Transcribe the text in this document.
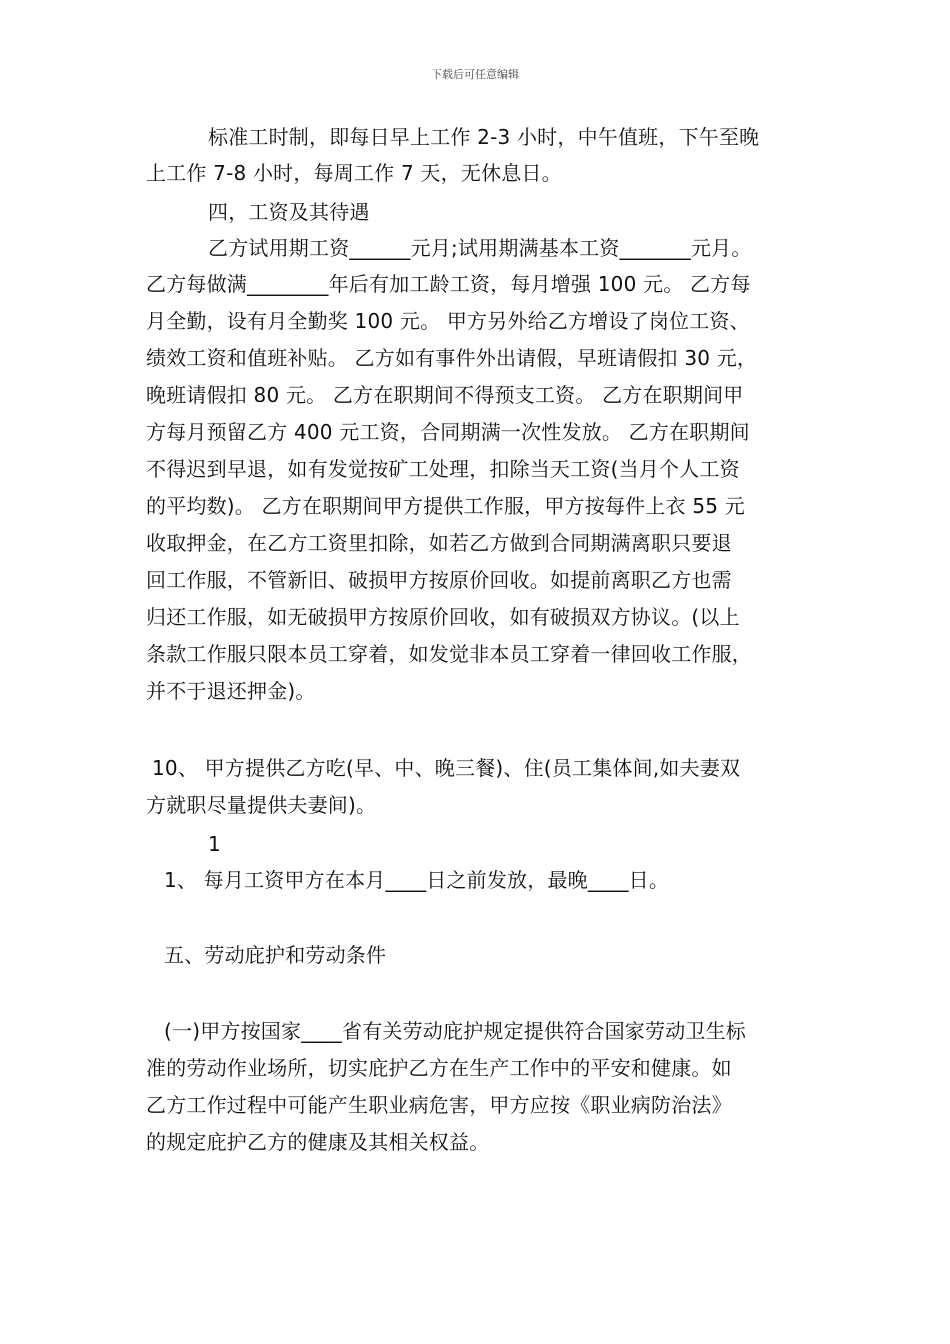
下载后可任意编辑
标准工时制，即每日早上工作 2-3 小时，中午值班，下午至晚
上工作 7-8 小时，每周工作 7 天，无休息日。
四，工资及其待遇
乙方试用期工资______元月;试用期满基本工资_______元月。
乙方每做满________年后有加工龄工资，每月增强 100 元。 乙方每
月全勤，设有月全勤奖 100 元。 甲方另外给乙方增设了岗位工资、
绩效工资和值班补贴。 乙方如有事件外出请假，早班请假扣 30 元，
晚班请假扣 80 元。 乙方在职期间不得预支工资。 乙方在职期间甲
方每月预留乙方 400 元工资，合同期满一次性发放。 乙方在职期间
不得迟到早退，如有发觉按矿工处理，扣除当天工资(当月个人工资
的平均数)。 乙方在职期间甲方提供工作服，甲方按每件上衣 55 元
收取押金，在乙方工资里扣除，如若乙方做到合同期满离职只要退
回工作服，不管新旧、破损甲方按原价回收。如提前离职乙方也需
归还工作服，如无破损甲方按原价回收，如有破损双方协议。(以上
条款工作服只限本员工穿着，如发觉非本员工穿着一律回收工作服，
并不于退还押金)。
10、 甲方提供乙方吃(早、中、晚三餐)、住(员工集体间,如夫妻双
方就职尽量提供夫妻间)。
1
1、 每月工资甲方在本月____日之前发放，最晚____日。
五、劳动庇护和劳动条件
(一)甲方按国家____省有关劳动庇护规定提供符合国家劳动卫生标
准的劳动作业场所，切实庇护乙方在生产工作中的平安和健康。如
乙方工作过程中可能产生职业病危害，甲方应按《职业病防治法》
的规定庇护乙方的健康及其相关权益。
